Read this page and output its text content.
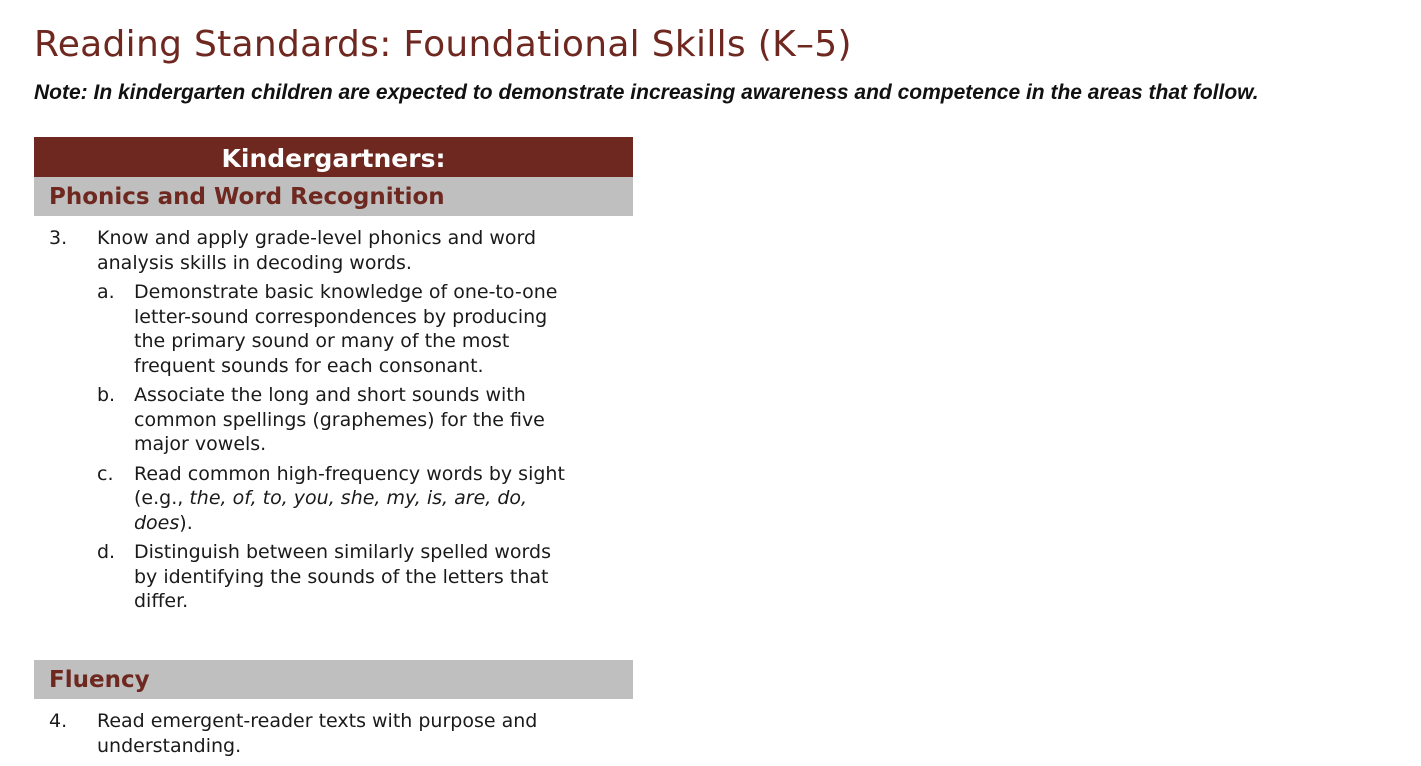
Reading Standards: Foundational Skills (K–5)

Note: In kindergarten children are expected to demonstrate increasing awareness and competence in the areas that follow.

Kindergartners:
Phonics and Word Recognition
3. Know and apply grade-level phonics and word analysis skills in decoding words.
a. Demonstrate basic knowledge of one-to-one letter-sound correspondences by producing the primary sound or many of the most frequent sounds for each consonant.
b. Associate the long and short sounds with common spellings (graphemes) for the five major vowels.
c. Read common high-frequency words by sight (e.g., the, of, to, you, she, my, is, are, do, does).
d. Distinguish between similarly spelled words by identifying the sounds of the letters that differ.
Fluency
4. Read emergent-reader texts with purpose and understanding.
